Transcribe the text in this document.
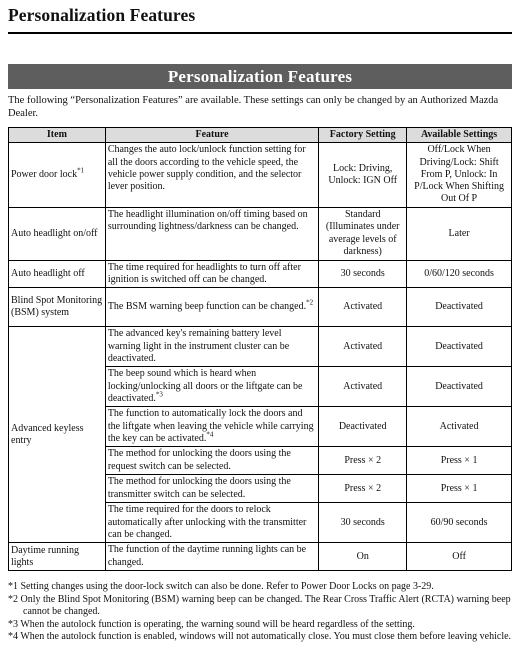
Personalization Features
Personalization Features
The following “Personalization Features” are available. These settings can only be changed by an Authorized Mazda Dealer.
Item	Feature	Factory Setting	Available Settings
Power door lock$^{*1}$	Changes the auto lock/unlock function setting for all the doors according to the vehicle speed, the vehicle power supply condition, and the selector lever position.	Lock: Driving, Unlock: IGN Off	Off/Lock When Driving/Lock: Shift From P, Unlock: In P/Lock When Shifting Out Of P
Auto headlight on/off	The headlight illumination on/off timing based on surrounding lightness/darkness can be changed.	Standard (Illuminates under average levels of darkness)	Later
Auto headlight off	The time required for headlights to turn off after ignition is switched off can be changed.	30 seconds	0/60/120 seconds
Blind Spot Monitoring (BSM) system	The BSM warning beep function can be changed.$^{*2}$	Activated	Deactivated
Advanced keyless entry	The advanced key's remaining battery level warning light in the instrument cluster can be deactivated.	Activated	Deactivated
	The beep sound which is heard when locking/unlocking all doors or the liftgate can be deactivated.$^{*3}$	Activated	Deactivated
	The function to automatically lock the doors and the liftgate when leaving the vehicle while carrying the key can be activated.$^{*4}$	Deactivated	Activated
	The method for unlocking the doors using the request switch can be selected.	Press × 2	Press × 1
	The method for unlocking the doors using the transmitter switch can be selected.	Press × 2	Press × 1
	The time required for the doors to relock automatically after unlocking with the transmitter can be changed.	30 seconds	60/90 seconds
Daytime running lights	The function of the daytime running lights can be changed.	On	Off
*1 Setting changes using the door-lock switch can also be done. Refer to Power Door Locks on page 3-29.
*2 Only the Blind Spot Monitoring (BSM) warning beep can be changed. The Rear Cross Traffic Alert (RCTA) warning beep cannot be changed.
*3 When the autolock function is operating, the warning sound will be heard regardless of the setting.
*4 When the autolock function is enabled, windows will not automatically close. You must close them before leaving vehicle.
